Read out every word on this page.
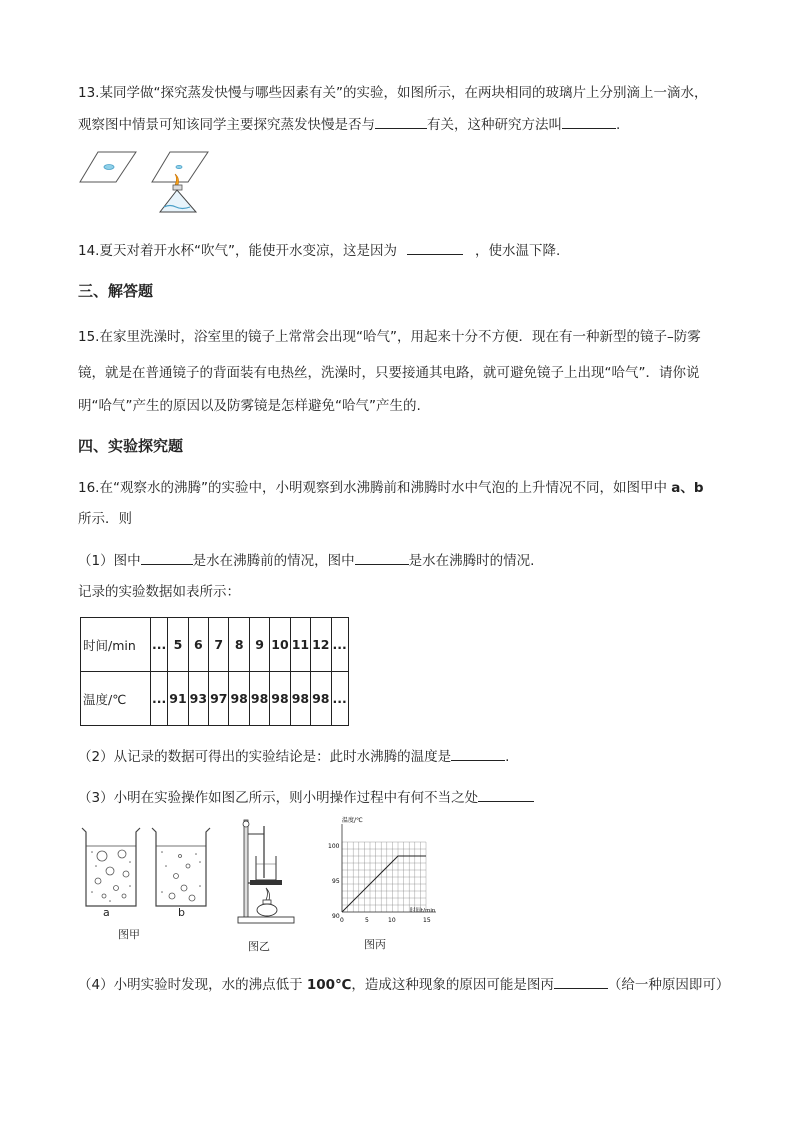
13.某同学做“探究蒸发快慢与哪些因素有关”的实验，如图所示，在两块相同的玻璃片上分别滴上一滴水，
观察图中情景可知该同学主要探究蒸发快慢是否与	有关，这种研究方法叫	.
14.夏天对着开水杯“吹气”，能使开水变凉，这是因为	，使水温下降.
三、解答题
15.在家里洗澡时，浴室里的镜子上常常会出现“哈气”，用起来十分不方便．现在有一种新型的镜子–防雾
镜，就是在普通镜子的背面装有电热丝，洗澡时，只要接通其电路，就可避免镜子上出现“哈气”．请你说
明“哈气”产生的原因以及防雾镜是怎样避免“哈气”产生的.
四、实验探究题
16.在“观察水的沸腾”的实验中，小明观察到水沸腾前和沸腾时水中气泡的上升情况不同，如图甲中 a、b
所示．则
（1）图中	是水在沸腾前的情况，图中	是水在沸腾时的情况.
记录的实验数据如表所示：
时间/min	...	5	6	7	8	9	10	11	12	...
温度/℃	...	91	93	97	98	98	98	98	98	...
（2）从记录的数据可得出的实验结论是：此时水沸腾的温度是	.
（3）小明在实验操作如图乙所示，则小明操作过程中有何不当之处
a	b
图甲
图乙
温度/℃
时间t/min
100
95
90
0	5	10	15
图丙
（4）小明实验时发现，水的沸点低于 100℃，造成这种现象的原因可能是图丙	（给一种原因即可）
